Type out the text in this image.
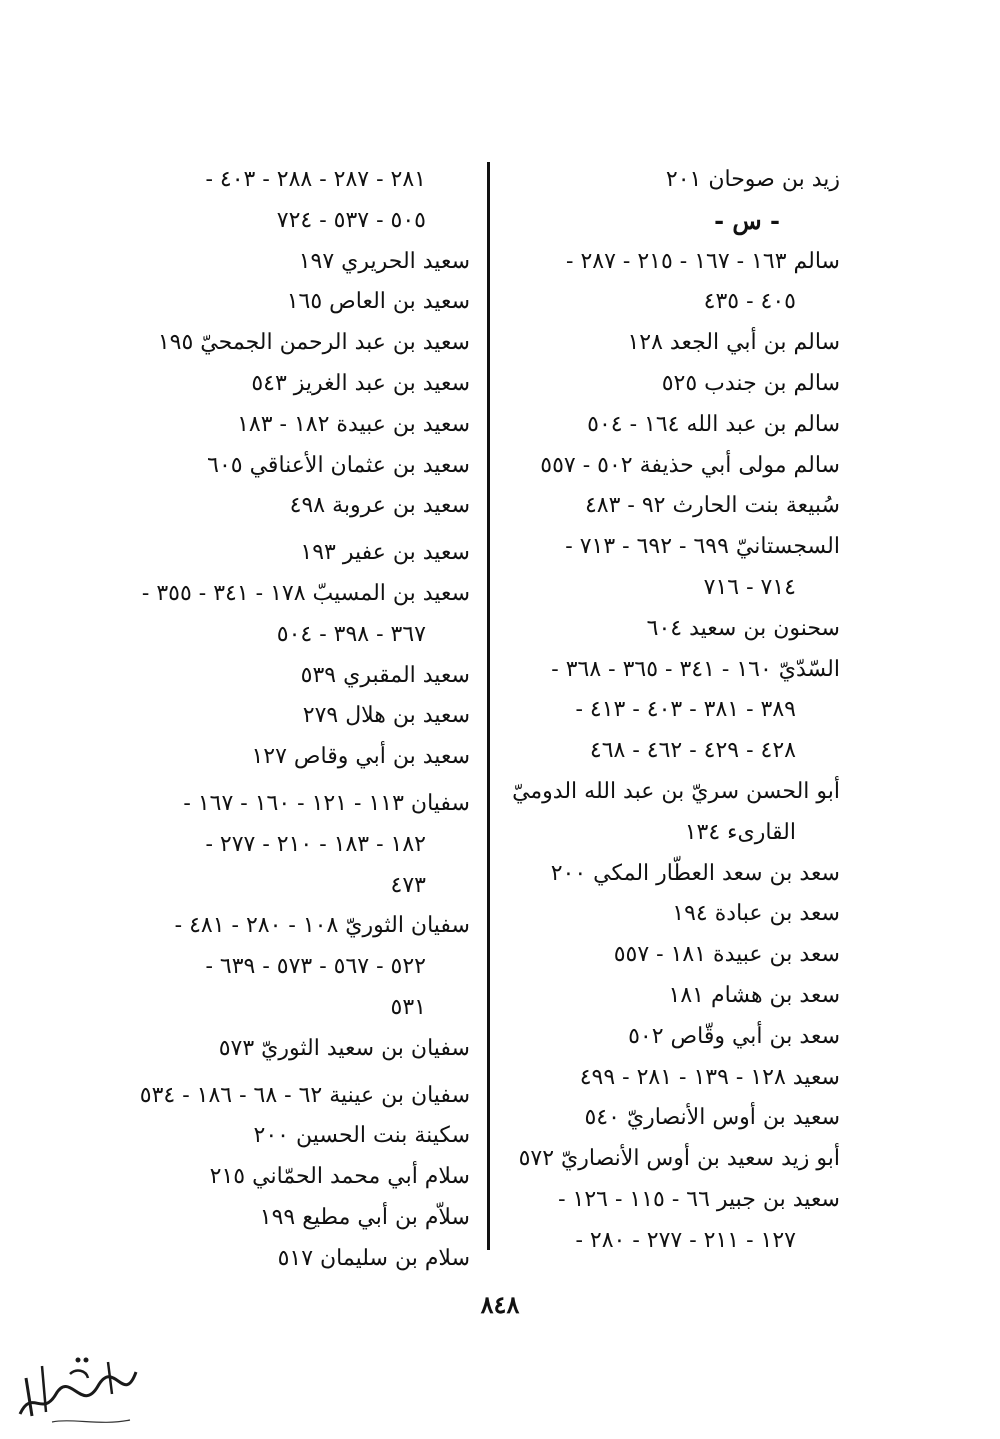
زيد بن صوحان ٢٠١
- س -
سالم ١٦٣ - ١٦٧ - ٢١٥ - ٢٨٧ -
٤٠٥ - ٤٣٥
سالم بن أبي الجعد ١٢٨
سالم بن جندب ٥٢٥
سالم بن عبد الله ١٦٤ - ٥٠٤
سالم مولى أبي حذيفة ٥٠٢ - ٥٥٧
سُبيعة بنت الحارث ٩٢ - ٤٨٣
السجستانيّ ٦٩٩ - ٦٩٢ - ٧١٣ -
٧١٤ - ٧١٦
سحنون بن سعيد ٦٠٤
السّدّيّ ١٦٠ - ٣٤١ - ٣٦٥ - ٣٦٨ -
٣٨٩ - ٣٨١ - ٤٠٣ - ٤١٣ -
٤٢٨ - ٤٢٩ - ٤٦٢ - ٤٦٨
أبو الحسن سريّ بن عبد الله الدوميّ
القارىء ١٣٤
سعد بن سعد العطّار المكي ٢٠٠
سعد بن عبادة ١٩٤
سعد بن عبيدة ١٨١ - ٥٥٧
سعد بن هشام ١٨١
سعد بن أبي وقّاص ٥٠٢
سعيد ١٢٨ - ١٣٩ - ٢٨١ - ٤٩٩
سعيد بن أوس الأنصاريّ ٥٤٠
أبو زيد سعيد بن أوس الأنصاريّ ٥٧٢
سعيد بن جبير ٦٦ - ١١٥ - ١٢٦ -
١٢٧ - ٢١١ - ٢٧٧ - ٢٨٠ -
٢٨١ - ٢٨٧ - ٢٨٨ - ٤٠٣ -
٥٠٥ - ٥٣٧ - ٧٢٤
سعيد الحريري ١٩٧
سعيد بن العاص ١٦٥
سعيد بن عبد الرحمن الجمحيّ ١٩٥
سعيد بن عبد الغريز ٥٤٣
سعيد بن عبيدة ١٨٢ - ١٨٣
سعيد بن عثمان الأعناقي ٦٠٥
سعيد بن عروبة ٤٩٨
سعيد بن عفير ١٩٣
سعيد بن المسيبّ ١٧٨ - ٣٤١ - ٣٥٥ -
٣٦٧ - ٣٩٨ - ٥٠٤
سعيد المقبري ٥٣٩
سعيد بن هلال ٢٧٩
سعيد بن أبي وقاص ١٢٧
سفيان ١١٣ - ١٢١ - ١٦٠ - ١٦٧ -
١٨٢ - ١٨٣ - ٢١٠ - ٢٧٧ -
٤٧٣
سفيان الثوريّ ١٠٨ - ٢٨٠ - ٤٨١ -
٥٢٢ - ٥٦٧ - ٥٧٣ - ٦٣٩ -
٥٣١
سفيان بن سعيد الثوريّ ٥٧٣
سفيان بن عينية ٦٢ - ٦٨ - ١٨٦ - ٥٣٤
سكينة بنت الحسين ٢٠٠
سلام أبي محمد الحمّاني ٢١٥
سلاّم بن أبي مطيع ١٩٩
سلام بن سليمان ٥١٧
٨٤٨
